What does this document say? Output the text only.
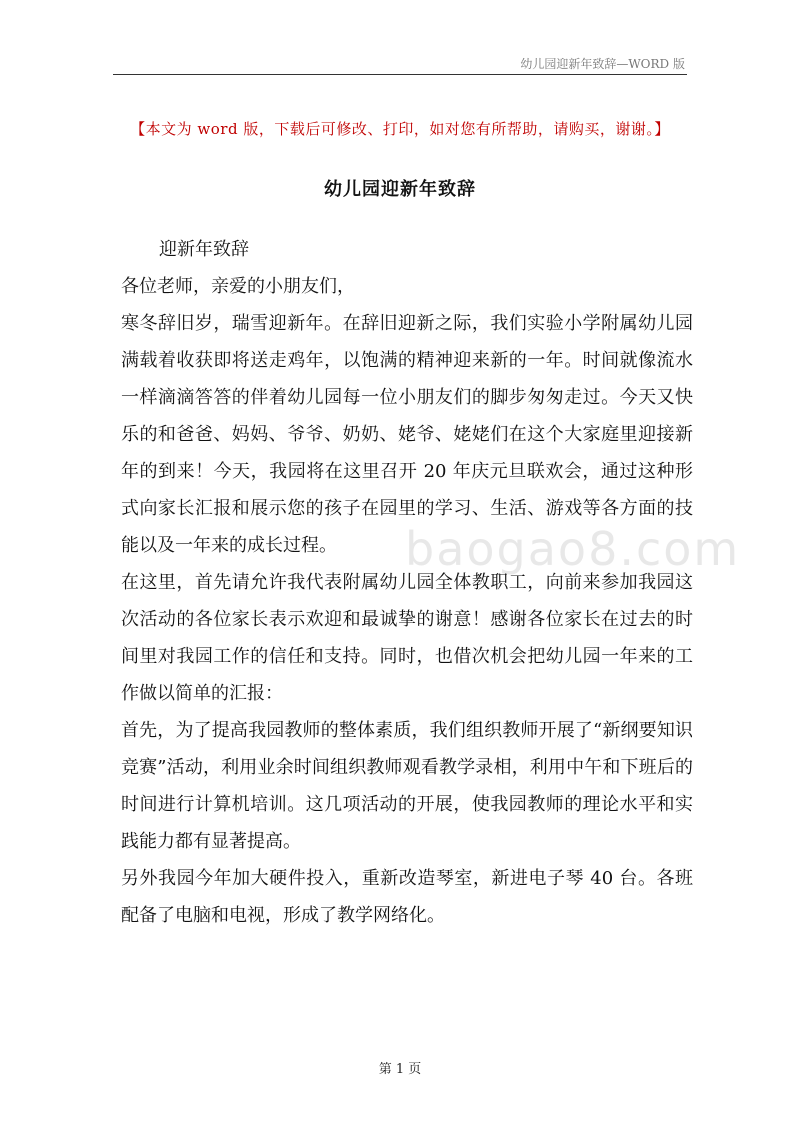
幼儿园迎新年致辞—WORD 版
【本文为 word 版，下载后可修改、打印，如对您有所帮助，请购买，谢谢。】
幼儿园迎新年致辞
baogao8.com

迎新年致辞

各位老师，亲爱的小朋友们，

寒冬辞旧岁，瑞雪迎新年。在辞旧迎新之际，我们实验小学附属幼儿园满载着收获即将送走鸡年，以饱满的精神迎来新的一年。时间就像流水一样滴滴答答的伴着幼儿园每一位小朋友们的脚步匆匆走过。今天又快乐的和爸爸、妈妈、爷爷、奶奶、姥爷、姥姥们在这个大家庭里迎接新年的到来！今天，我园将在这里召开 20 年庆元旦联欢会，通过这种形式向家长汇报和展示您的孩子在园里的学习、生活、游戏等各方面的技能以及一年来的成长过程。

在这里，首先请允许我代表附属幼儿园全体教职工，向前来参加我园这次活动的各位家长表示欢迎和最诚挚的谢意！感谢各位家长在过去的时间里对我园工作的信任和支持。同时，也借次机会把幼儿园一年来的工作做以简单的汇报：

首先，为了提高我园教师的整体素质，我们组织教师开展了“新纲要知识竞赛”活动，利用业余时间组织教师观看教学录相，利用中午和下班后的时间进行计算机培训。这几项活动的开展，使我园教师的理论水平和实践能力都有显著提高。

另外我园今年加大硬件投入，重新改造琴室，新进电子琴 40 台。各班配备了电脑和电视，形成了教学网络化。

第 1 页
